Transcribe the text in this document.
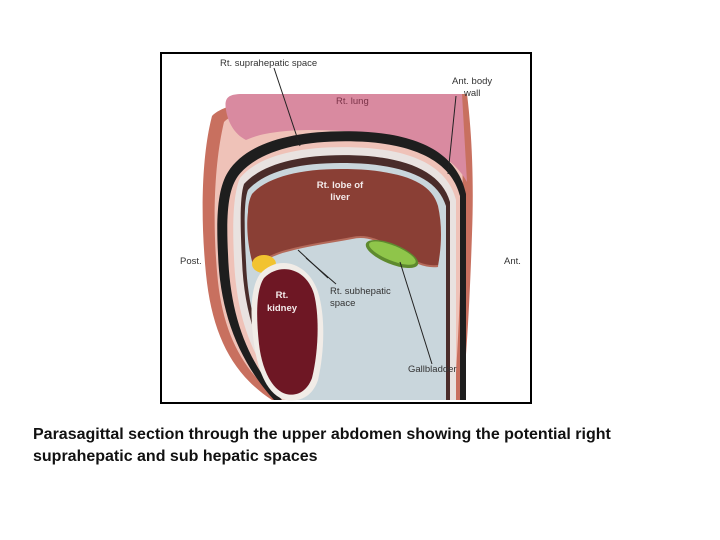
Rt. suprahepatic space
Ant. body
wall
Rt. lung
Rt. lobe of
liver
Post.	Ant.
Rt.
kidney
Rt. subhepatic
space
Gallbladder
Parasagittal section through the upper abdomen showing the potential right suprahepatic and sub hepatic spaces
